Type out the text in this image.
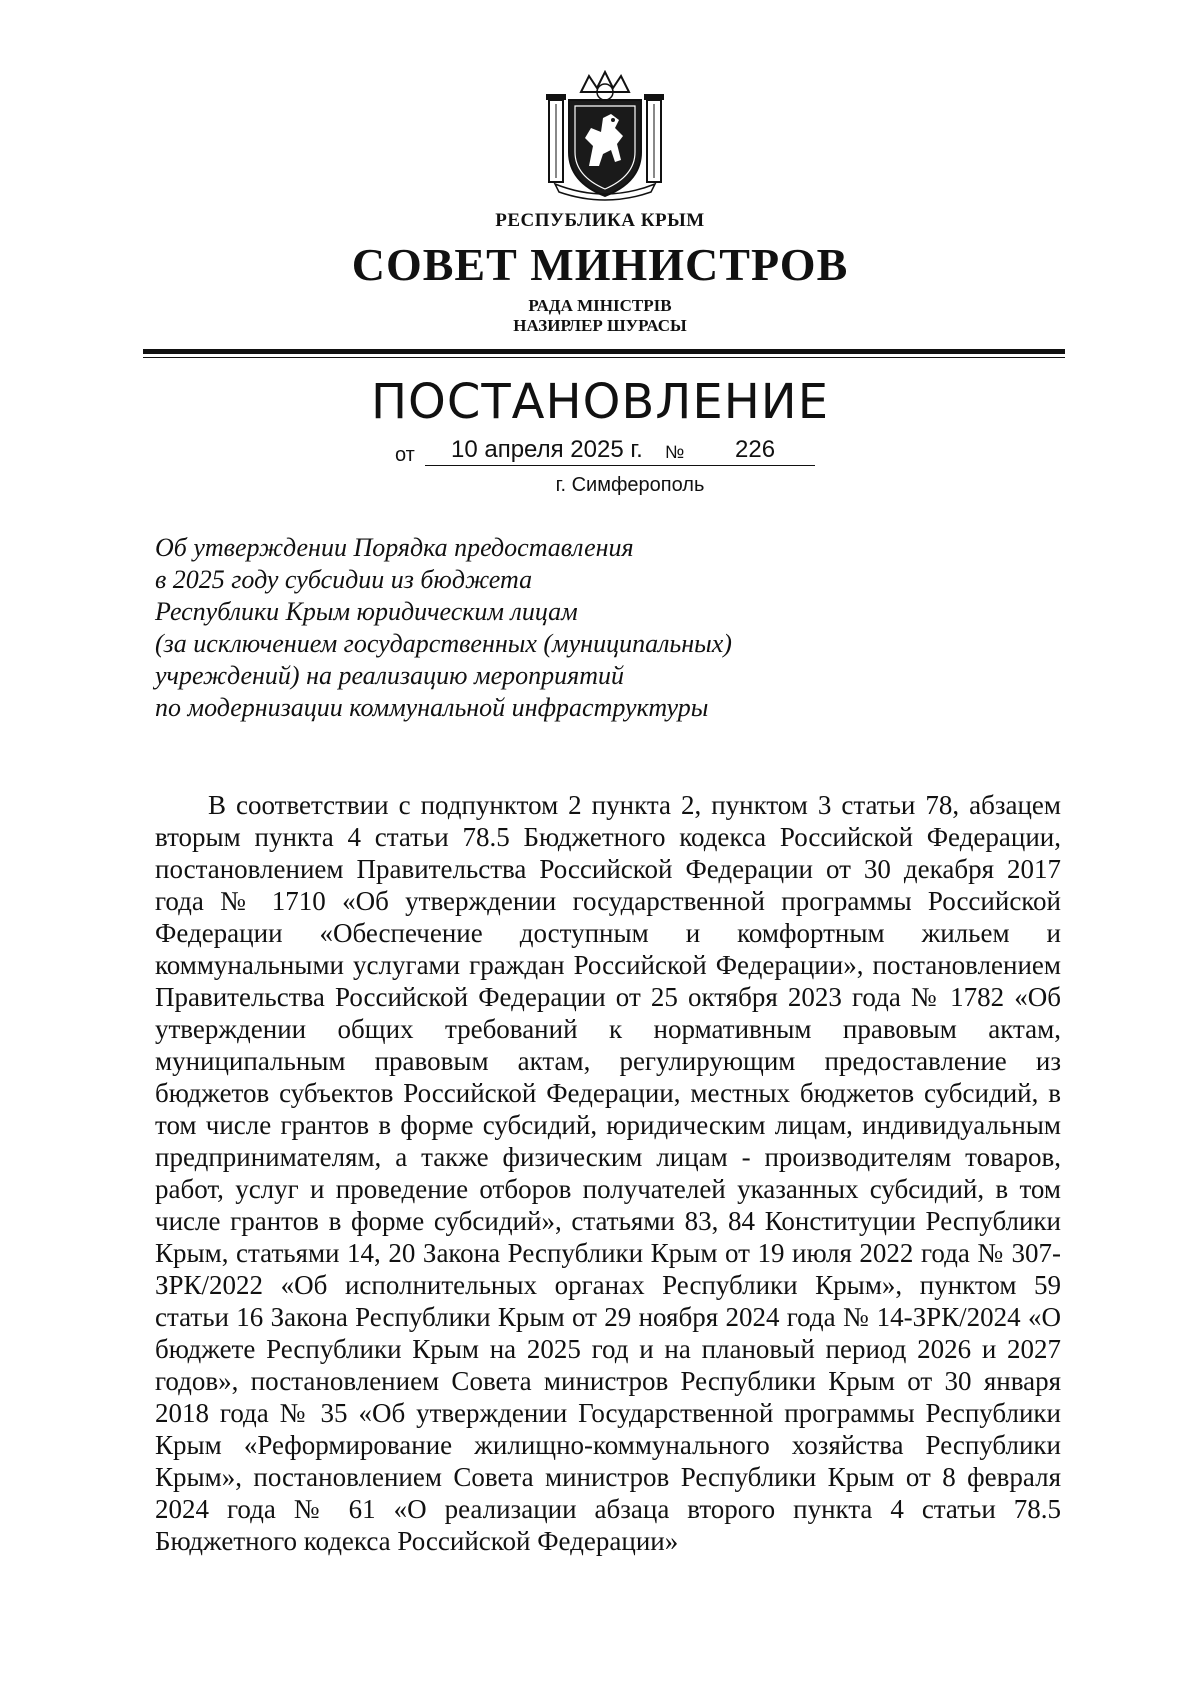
РЕСПУБЛИКА КРЫМ
СОВЕТ МИНИСТРОВ
РАДА МІНІСТРІВ
НАЗИРЛЕР ШУРАСЫ
ПОСТАНОВЛЕНИЕ
от 10 апреля 2025 г. № 226
г. Симферополь
Об утверждении Порядка предоставления
в 2025 году субсидии из бюджета
Республики Крым юридическим лицам
(за исключением государственных (муниципальных)
учреждений) на реализацию мероприятий
по модернизации коммунальной инфраструктуры

В соответствии с подпунктом 2 пункта 2, пунктом 3 статьи 78, абзацем вторым пункта 4 статьи 78.5 Бюджетного кодекса Российской Федерации, постановлением Правительства Российской Федерации от 30 декабря 2017 года № 1710 «Об утверждении государственной программы Российской Федерации «Обеспечение доступным и комфортным жильем и коммунальными услугами граждан Российской Федерации», постановлением Правительства Российской Федерации от 25 октября 2023 года № 1782 «Об утверждении общих требований к нормативным правовым актам, муниципальным правовым актам, регулирующим предоставление из бюджетов субъектов Российской Федерации, местных бюджетов субсидий, в том числе грантов в форме субсидий, юридическим лицам, индивидуальным предпринимателям, а также физическим лицам - производителям товаров, работ, услуг и проведение отборов получателей указанных субсидий, в том числе грантов в форме субсидий», статьями 83, 84 Конституции Республики Крым, статьями 14, 20 Закона Республики Крым от 19 июля 2022 года № 307-ЗРК/2022 «Об исполнительных органах Республики Крым», пунктом 59 статьи 16 Закона Республики Крым от 29 ноября 2024 года № 14-ЗРК/2024 «О бюджете Республики Крым на 2025 год и на плановый период 2026 и 2027 годов», постановлением Совета министров Республики Крым от 30 января 2018 года № 35 «Об утверждении Государственной программы Республики Крым «Реформирование жилищно-коммунального хозяйства Республики Крым», постановлением Совета министров Республики Крым от 8 февраля 2024 года № 61 «О реализации абзаца второго пункта 4 статьи 78.5 Бюджетного кодекса Российской Федерации»
